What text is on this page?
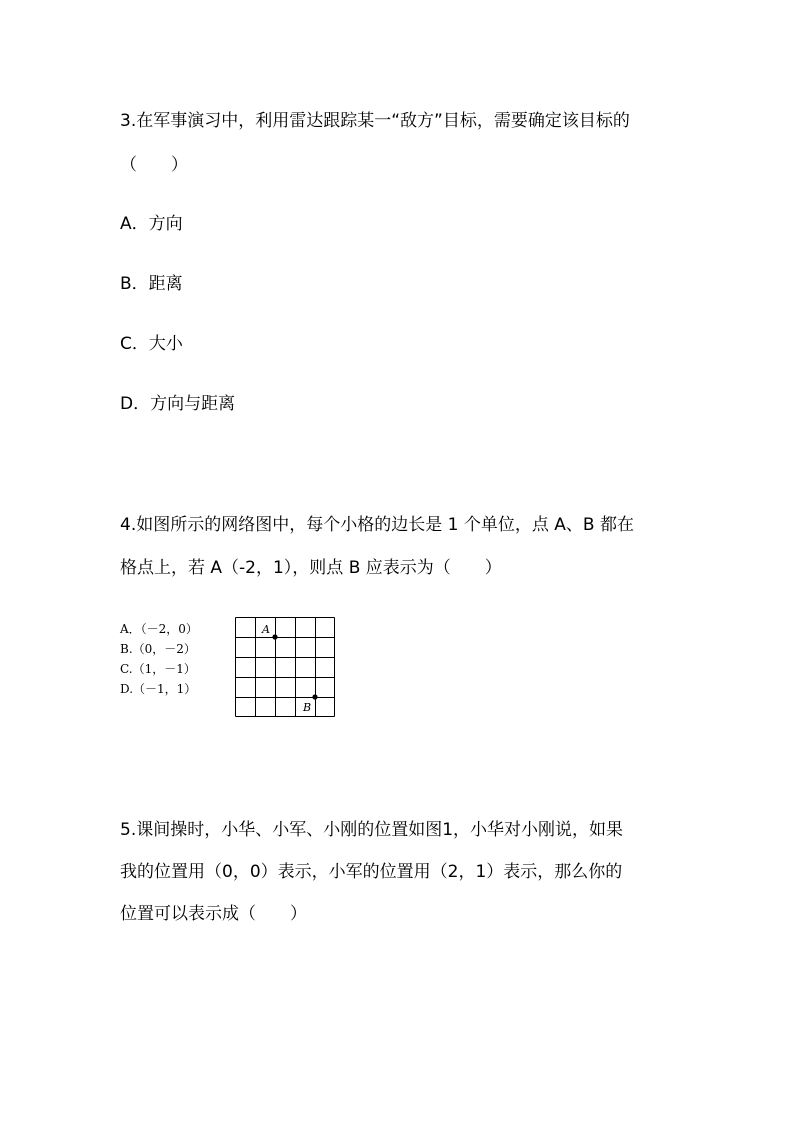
3.在军事演习中，利用雷达跟踪某一“敌方”目标，需要确定该目标的
（　　）
A．方向
B．距离
C．大小
D．方向与距离
4.如图所示的网络图中，每个小格的边长是 1 个单位，点 A、B 都在
格点上，若 A（-2，1），则点 B 应表示为（　　）
A．（－2，0）
B.（0，－2）
C.（1，－1）
D.（－1，1）
A
B
5.课间操时，小华、小军、小刚的位置如图1，小华对小刚说，如果
我的位置用（0，0）表示，小军的位置用（2，1）表示，那么你的
位置可以表示成（　　）
